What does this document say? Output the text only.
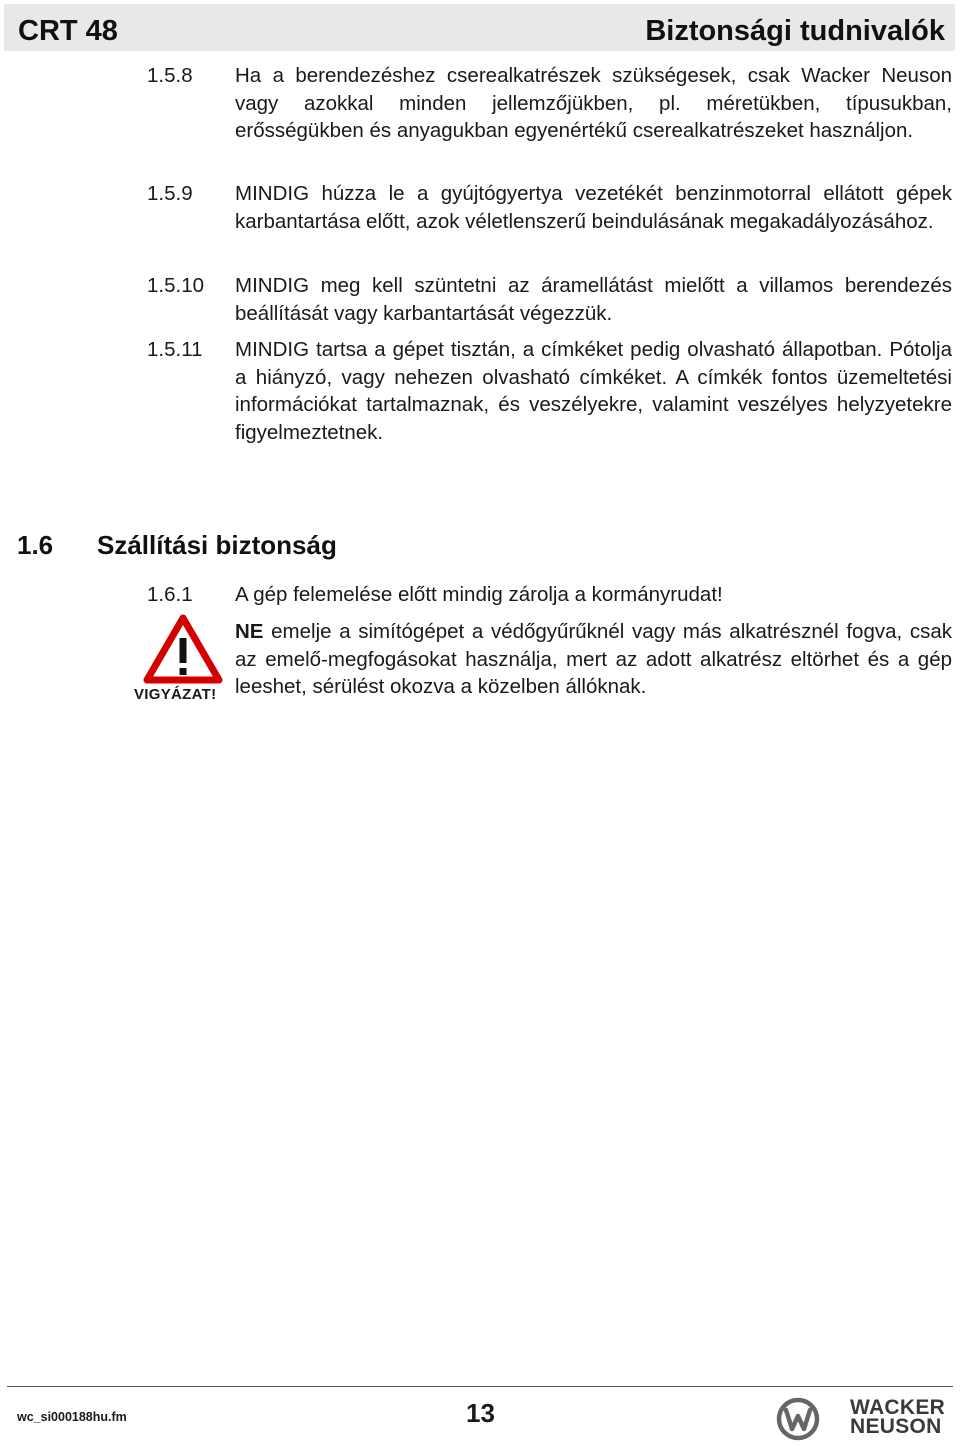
CRT 48	Biztonsági tudnivalók
1.5.8	Ha a berendezéshez cserealkatrészek szükségesek, csak Wacker Neuson vagy azokkal minden jellemzőjükben, pl. méretükben, típusukban, erősségükben és anyagukban egyenértékű cserealkatrészeket használjon.
1.5.9	MINDIG húzza le a gyújtógyertya vezetékét benzinmotorral ellátott gépek karbantartása előtt, azok véletlenszerű beindulásának megakadályozásához.
1.5.10	MINDIG meg kell szüntetni az áramellátást mielőtt a villamos berendezés beállítását vagy karbantartását végezzük.
1.5.11	MINDIG tartsa a gépet tisztán, a címkéket pedig olvasható állapotban. Pótolja a hiányzó, vagy nehezen olvasható címkéket. A címkék fontos üzemeltetési információkat tartalmaznak, és veszélyekre, valamint veszélyes helyzyetekre figyelmeztetnek.
1.6 Szállítási biztonság
1.6.1	A gép felemelése előtt mindig zárolja a kormányrudat!
VIGYÁZAT!
NE emelje a simítógépet a védőgyűrűknél vagy más alkatrésznél fogva, csak az emelő-megfogásokat használja, mert az adott alkatrész eltörhet és a gép leeshet, sérülést okozva a közelben állóknak.
wc_si000188hu.fm	13	WACKER
NEUSON
